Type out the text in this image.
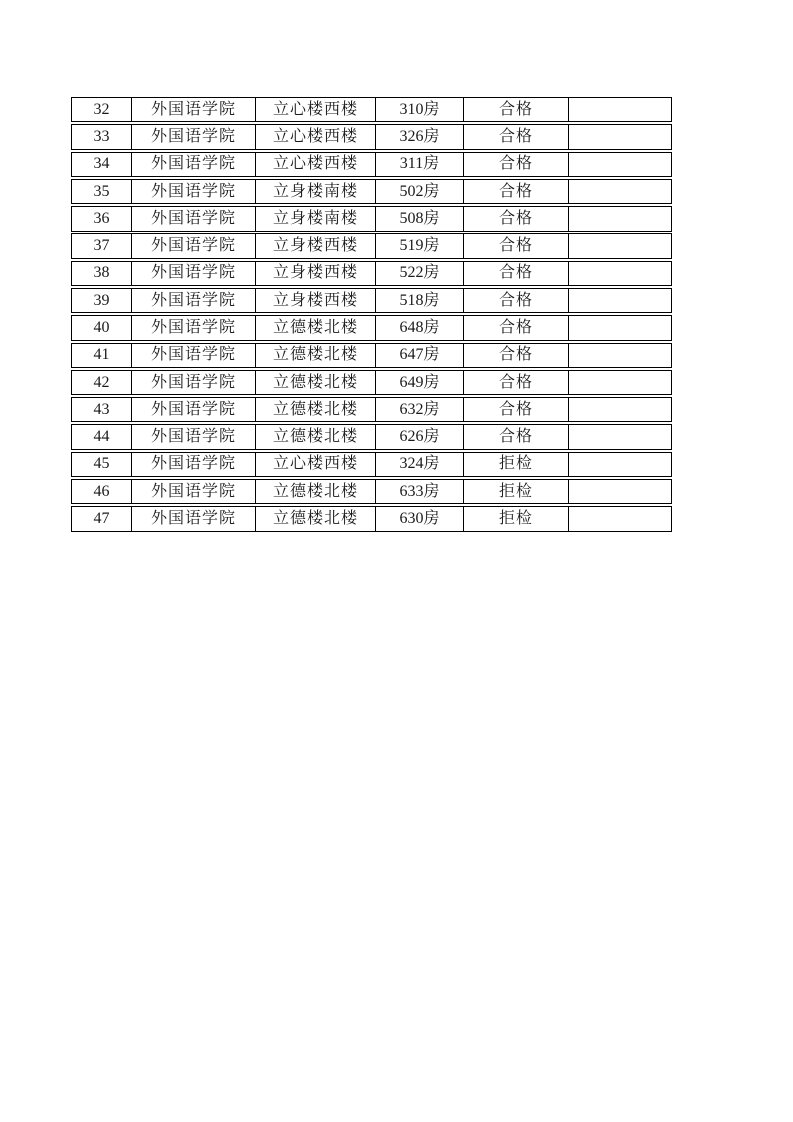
32	外国语学院	立心楼西楼	310房	合格
33	外国语学院	立心楼西楼	326房	合格
34	外国语学院	立心楼西楼	311房	合格
35	外国语学院	立身楼南楼	502房	合格
36	外国语学院	立身楼南楼	508房	合格
37	外国语学院	立身楼西楼	519房	合格
38	外国语学院	立身楼西楼	522房	合格
39	外国语学院	立身楼西楼	518房	合格
40	外国语学院	立德楼北楼	648房	合格
41	外国语学院	立德楼北楼	647房	合格
42	外国语学院	立德楼北楼	649房	合格
43	外国语学院	立德楼北楼	632房	合格
44	外国语学院	立德楼北楼	626房	合格
45	外国语学院	立心楼西楼	324房	拒检
46	外国语学院	立德楼北楼	633房	拒检
47	外国语学院	立德楼北楼	630房	拒检
